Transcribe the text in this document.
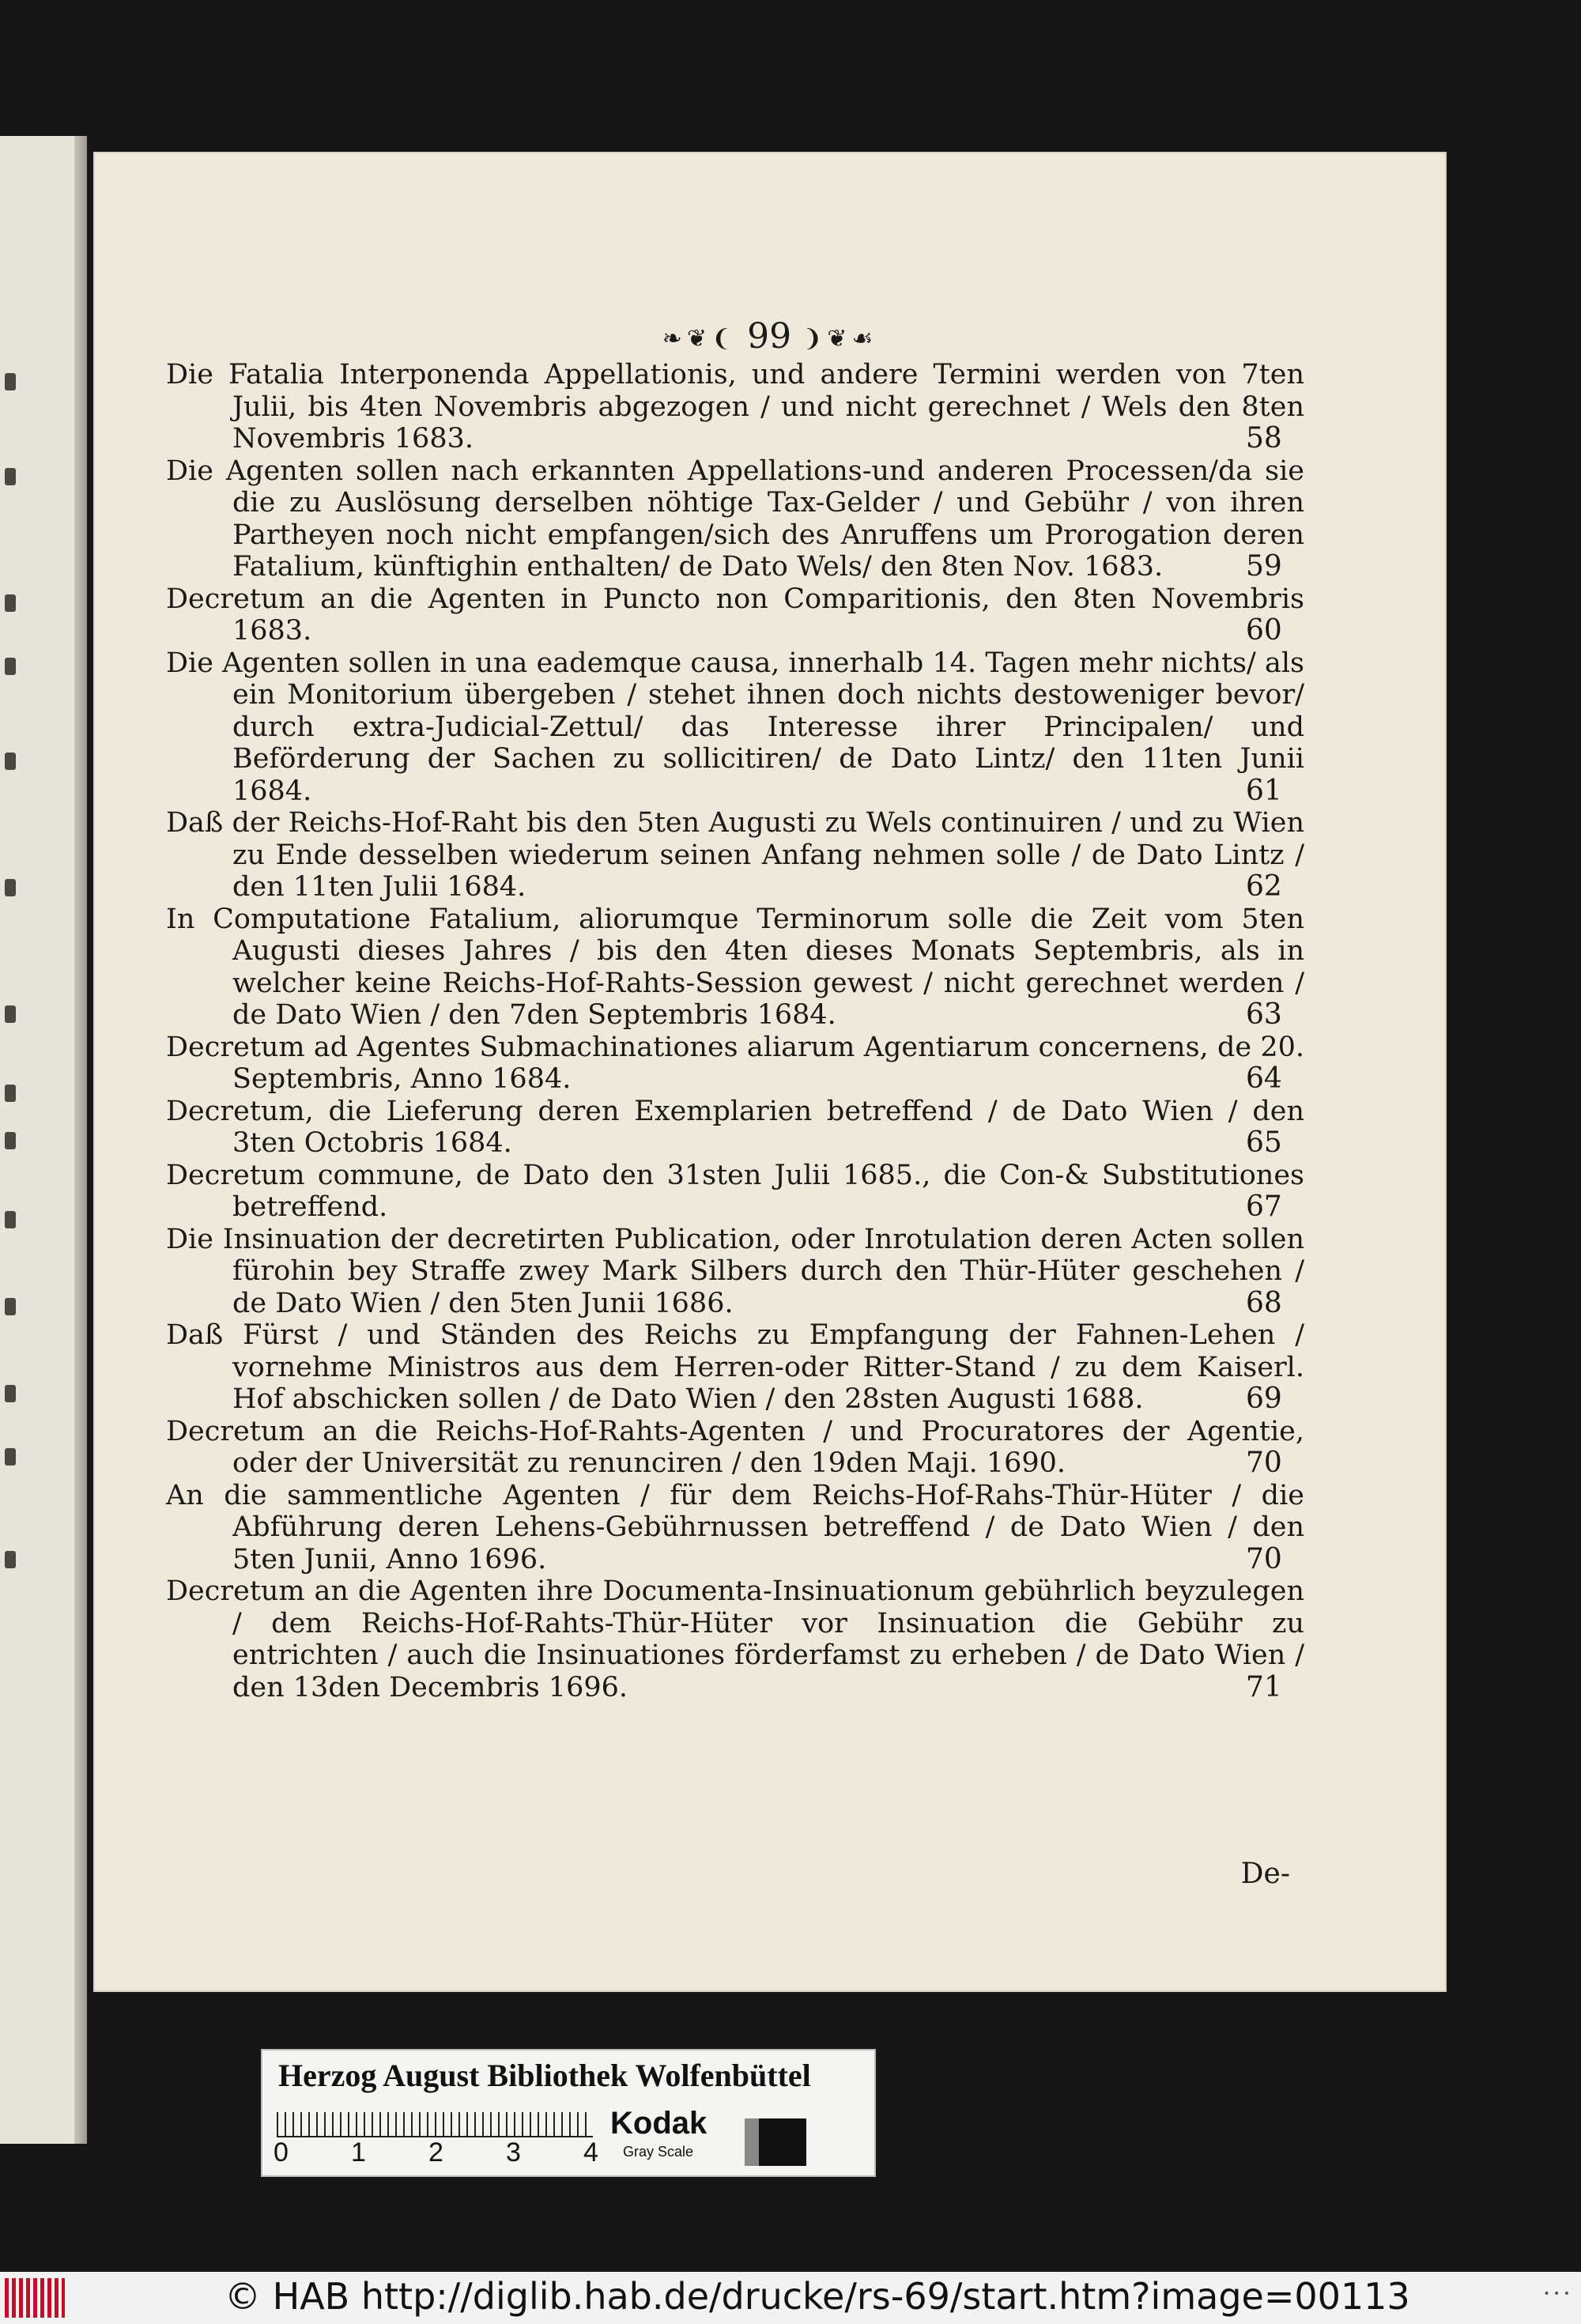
❧❦❨ 99 ❩❦☙

Die Fatalia Interponenda Appellationis, und andere Termini werden von 7ten Julii, bis 4ten Novembris abgezogen / und nicht gerechnet / Wels den 8ten Novembris 1683.	58

Die Agenten sollen nach erkannten Appellations-und anderen Processen/da sie die zu Auslösung derselben nöhtige Tax-Gelder / und Gebühr / von ihren Partheyen noch nicht empfangen/sich des Anruffens um Prorogation deren Fatalium, künftighin enthalten/ de Dato Wels/ den 8ten Nov. 1683.	59

Decretum an die Agenten in Puncto non Comparitionis, den 8ten Novembris 1683.	60

Die Agenten sollen in una eademque causa, innerhalb 14. Tagen mehr nichts/ als ein Monitorium übergeben / stehet ihnen doch nichts destoweniger bevor/ durch extra-Judicial-Zettul/ das Interesse ihrer Principalen/ und Beförderung der Sachen zu sollicitiren/ de Dato Lintz/ den 11ten Junii 1684.	61

Daß der Reichs-Hof-Raht bis den 5ten Augusti zu Wels continuiren / und zu Wien zu Ende desselben wiederum seinen Anfang nehmen solle / de Dato Lintz / den 11ten Julii 1684.	62

In Computatione Fatalium, aliorumque Terminorum solle die Zeit vom 5ten Augusti dieses Jahres / bis den 4ten dieses Monats Septembris, als in welcher keine Reichs-Hof-Rahts-Session gewest / nicht gerechnet werden / de Dato Wien / den 7den Septembris 1684.	63

Decretum ad Agentes Submachinationes aliarum Agentiarum concernens, de 20. Septembris, Anno 1684.	64

Decretum, die Lieferung deren Exemplarien betreffend / de Dato Wien / den 3ten Octobris 1684.	65

Decretum commune, de Dato den 31sten Julii 1685., die Con-& Substitutiones betreffend.	67

Die Insinuation der decretirten Publication, oder Inrotulation deren Acten sollen fürohin bey Straffe zwey Mark Silbers durch den Thür-Hüter geschehen / de Dato Wien / den 5ten Junii 1686.	68

Daß Fürst / und Ständen des Reichs zu Empfangung der Fahnen-Lehen / vornehme Ministros aus dem Herren-oder Ritter-Stand / zu dem Kaiserl. Hof abschicken sollen / de Dato Wien / den 28sten Augusti 1688.	69

Decretum an die Reichs-Hof-Rahts-Agenten / und Procuratores der Agentie, oder der Universität zu renunciren / den 19den Maji. 1690.	70

An die sammentliche Agenten / für dem Reichs-Hof-Rahs-Thür-Hüter / die Abführung deren Lehens-Gebührnussen betreffend / de Dato Wien / den 5ten Junii, Anno 1696.	70

Decretum an die Agenten ihre Documenta-Insinuationum gebührlich beyzulegen / dem Reichs-Hof-Rahts-Thür-Hüter vor Insinuation die Gebühr zu entrichten / auch die Insinuationes förderfamst zu erheben / de Dato Wien / den 13den Decembris 1696.	71

De-
Herzog August Bibliothek Wolfenbüttel
0 1 2 3 4
Kodak
Gray Scale
© HAB http://diglib.hab.de/drucke/rs-69/start.htm?image=00113	• • •
